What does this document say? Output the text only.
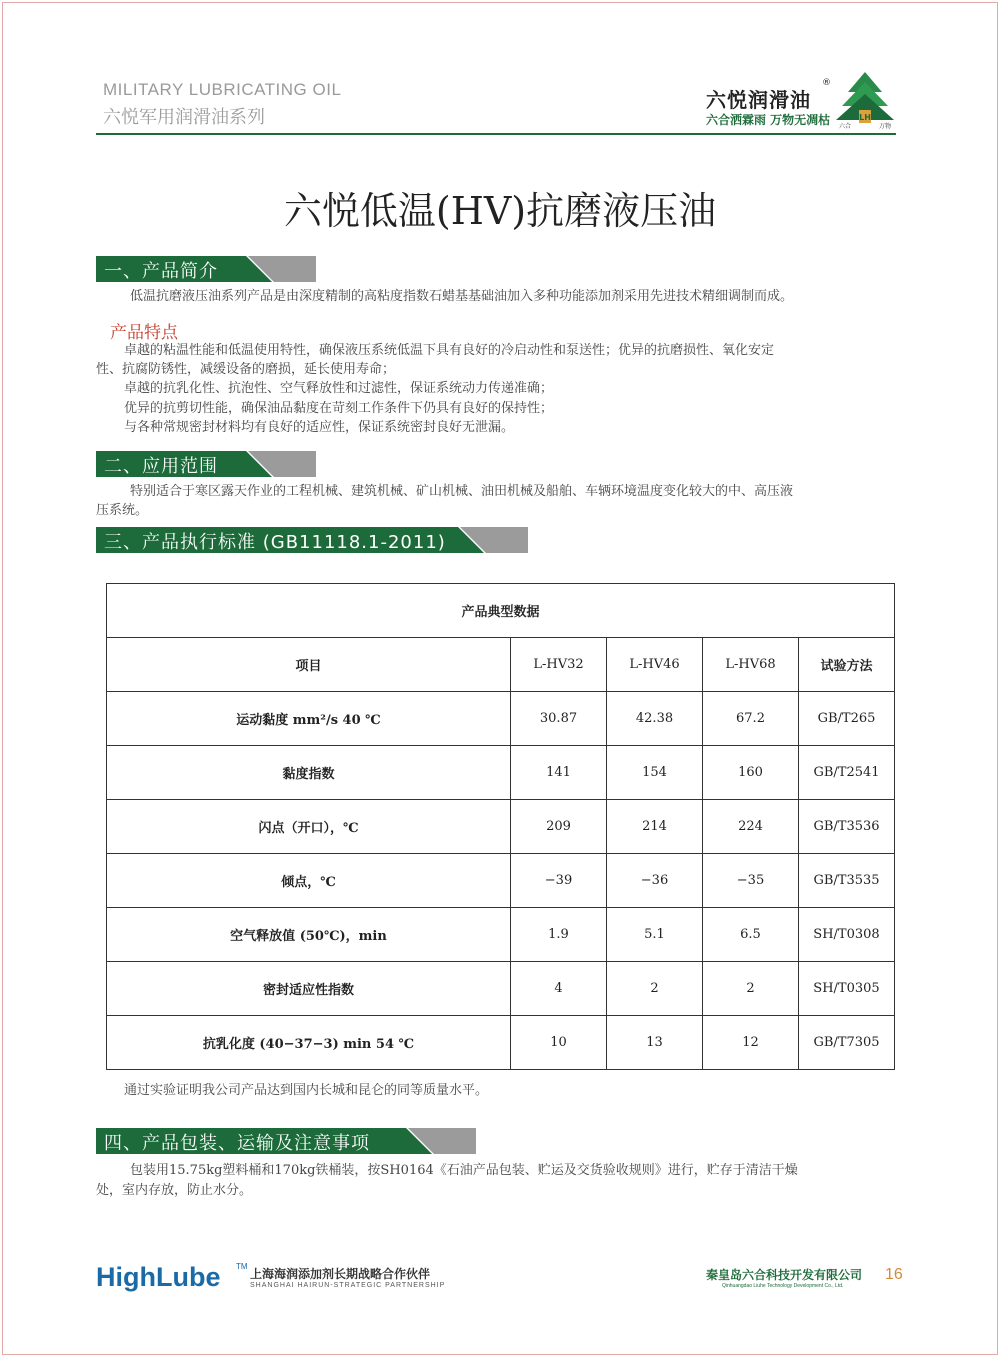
MILITARY LUBRICATING OIL
六悦军用润滑油系列
六悦润滑油
®
六合洒霖雨 万物无凋枯	LH
六合	万物
六悦低温(HV)抗磨液压油
一、产品简介
低温抗磨液压油系列产品是由深度精制的高粘度指数石蜡基基础油加入多种功能添加剂采用先进技术精细调制而成。
产品特点
卓越的粘温性能和低温使用特性，确保液压系统低温下具有良好的冷启动性和泵送性；优异的抗磨损性、氧化安定
性、抗腐防锈性，减缓设备的磨损，延长使用寿命；
卓越的抗乳化性、抗泡性、空气释放性和过滤性，保证系统动力传递准确；
优异的抗剪切性能，确保油品黏度在苛刻工作条件下仍具有良好的保持性；
与各种常规密封材料均有良好的适应性，保证系统密封良好无泄漏。
二、应用范围
特别适合于寒区露天作业的工程机械、建筑机械、矿山机械、油田机械及船舶、车辆环境温度变化较大的中、高压液
压系统。
三、产品执行标准 (GB11118.1-2011)
产品典型数据				
项目	L-HV32	L-HV46	L-HV68	试验方法
运动黏度 mm²/s 40 ℃	30.87	42.38	67.2	GB/T265
黏度指数	141	154	160	GB/T2541
闪点（开口），℃	209	214	224	GB/T3536
倾点，℃	−39	−36	−35	GB/T3535
空气释放值 (50℃)，min	1.9	5.1	6.5	SH/T0308
密封适应性指数	4	2	2	SH/T0305
抗乳化度 (40−37−3) min 54 ℃	10	13	12	GB/T7305
通过实验证明我公司产品达到国内长城和昆仑的同等质量水平。
四、产品包装、运输及注意事项
包装用15.75kg塑料桶和170kg铁桶装，按SH0164《石油产品包装、贮运及交货验收规则》进行，贮存于清洁干燥
处，室内存放，防止水分。
HighLube TM
上海海润添加剂长期战略合作伙伴
SHANGHAI HAIRUN-STRATEGIC PARTNERSHIP
秦皇岛六合科技开发有限公司
Qinhuangdao Liuhe Technology Development Co., Ltd.
16
